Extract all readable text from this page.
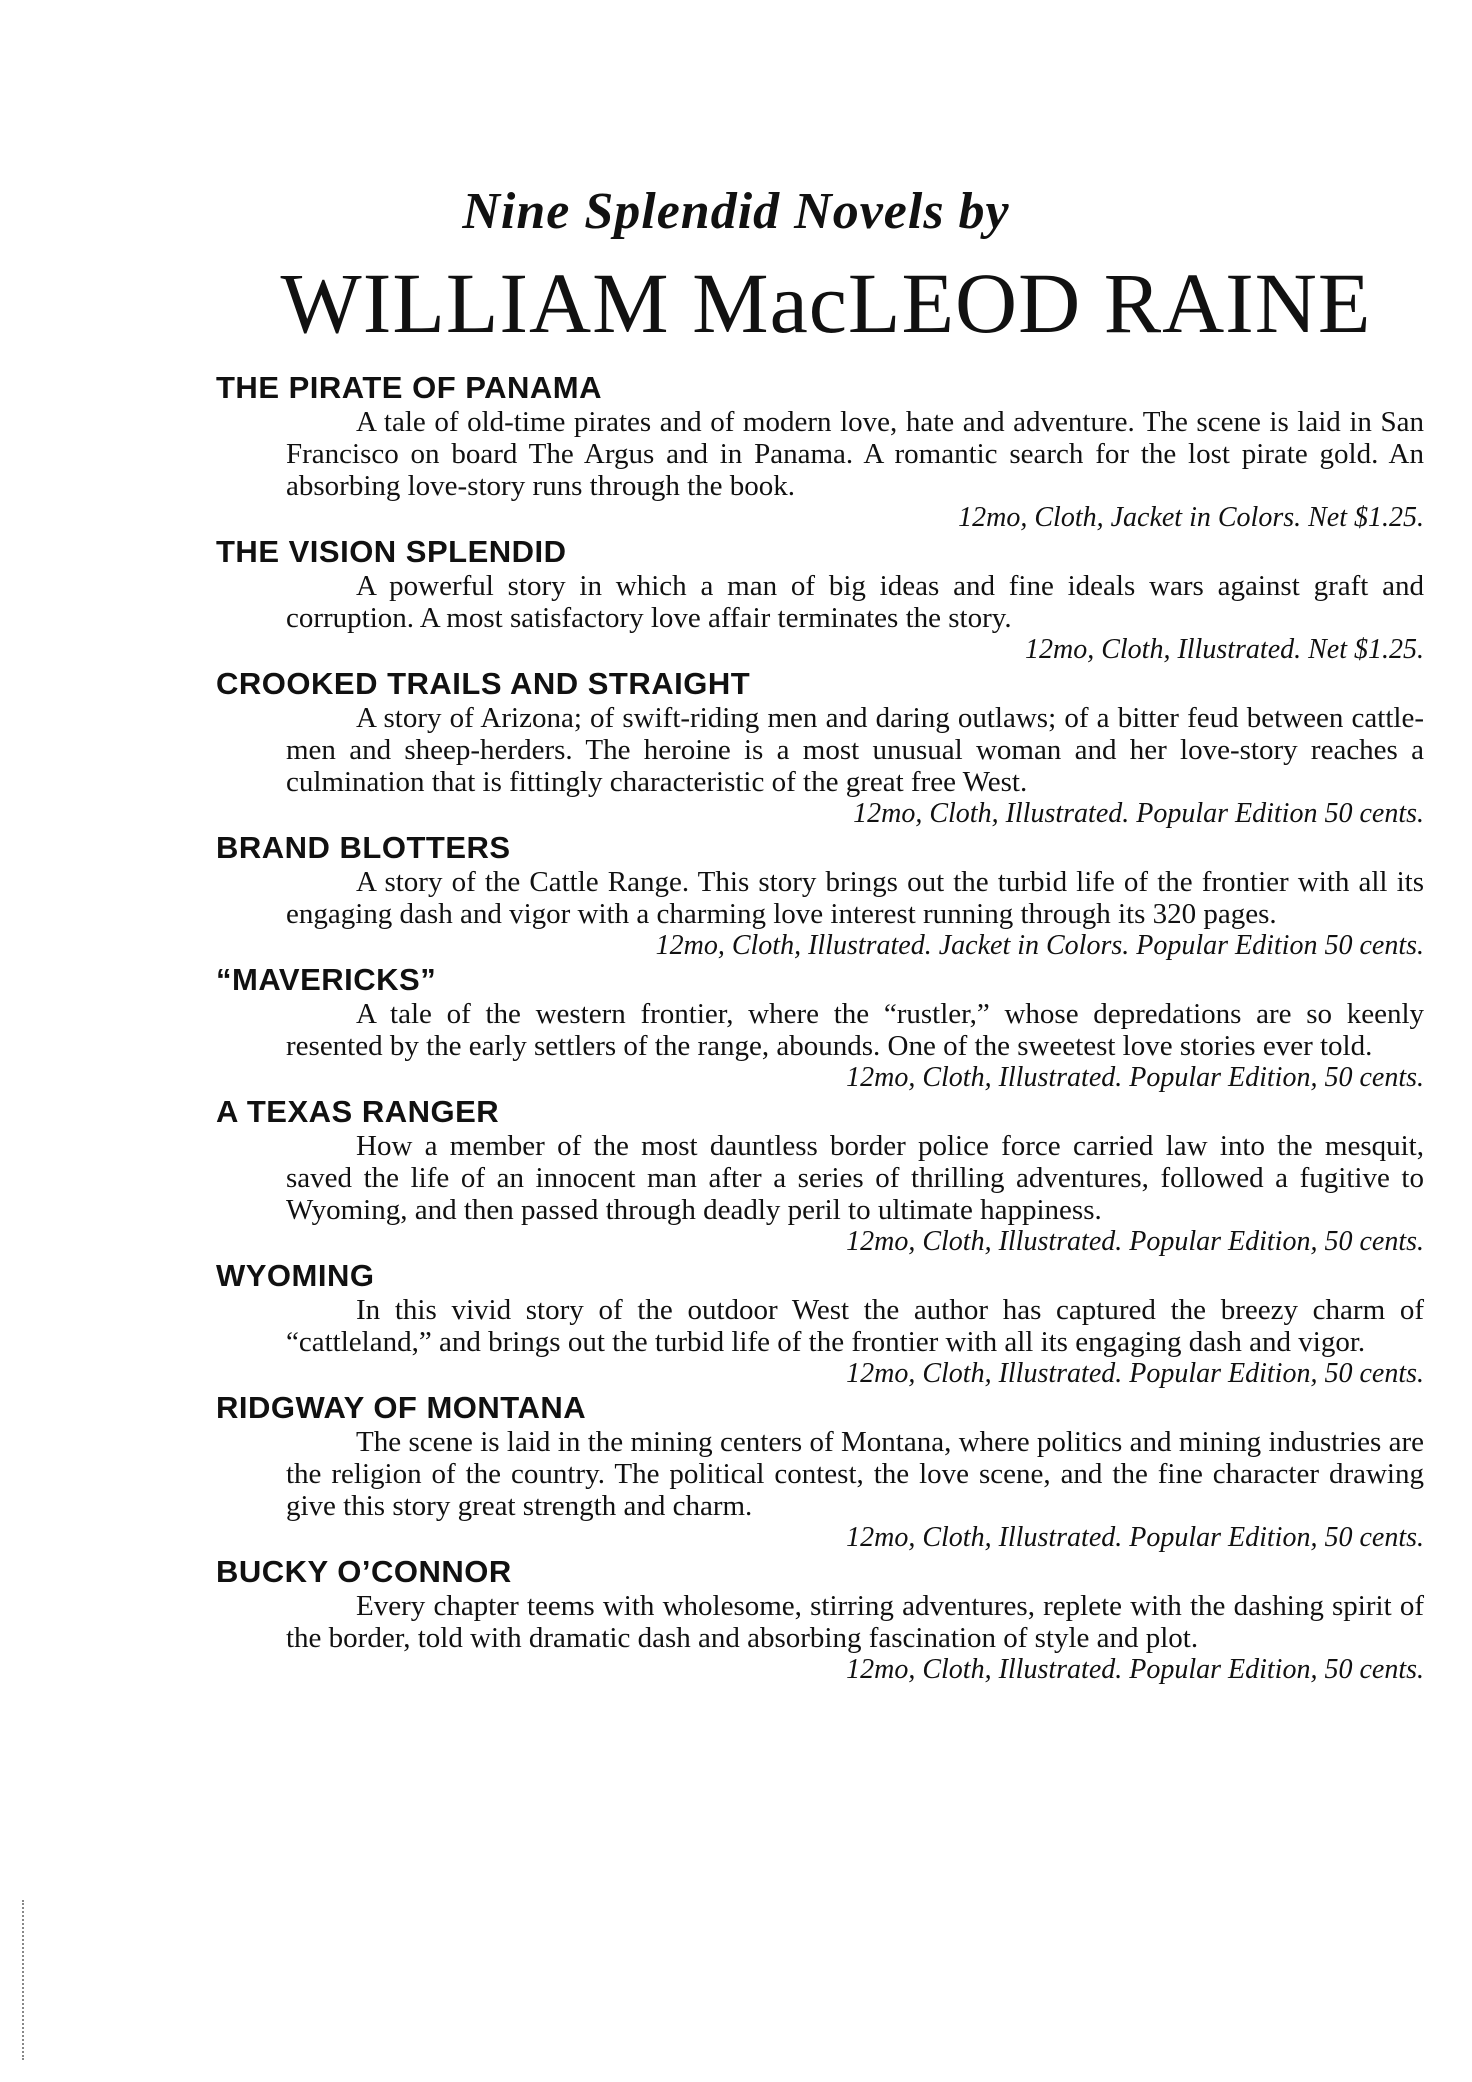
Nine Splendid Novels by
WILLIAM MacLEOD RAINE
THE PIRATE OF PANAMA
A tale of old-time pirates and of modern love, hate and adventure. The scene is laid in San Francisco on board The Argus and in Panama. A romantic search for the lost pirate gold. An absorbing love-story runs through the book.
12mo, Cloth, Jacket in Colors. Net $1.25.
THE VISION SPLENDID
A powerful story in which a man of big ideas and fine ideals wars against graft and corruption. A most satisfactory love affair terminates the story.
12mo, Cloth, Illustrated. Net $1.25.
CROOKED TRAILS AND STRAIGHT
A story of Arizona; of swift-riding men and daring outlaws; of a bitter feud between cattle-men and sheep-herders. The heroine is a most unusual woman and her love-story reaches a culmination that is fittingly characteristic of the great free West.
12mo, Cloth, Illustrated. Popular Edition 50 cents.
BRAND BLOTTERS
A story of the Cattle Range. This story brings out the turbid life of the frontier with all its engaging dash and vigor with a charming love interest running through its 320 pages.
12mo, Cloth, Illustrated. Jacket in Colors. Popular Edition 50 cents.
“MAVERICKS”
A tale of the western frontier, where the “rustler,” whose depredations are so keenly resented by the early settlers of the range, abounds. One of the sweetest love stories ever told.
12mo, Cloth, Illustrated. Popular Edition, 50 cents.
A TEXAS RANGER
How a member of the most dauntless border police force carried law into the mesquit, saved the life of an innocent man after a series of thrilling adventures, followed a fugitive to Wyoming, and then passed through deadly peril to ultimate happiness.
12mo, Cloth, Illustrated. Popular Edition, 50 cents.
WYOMING
In this vivid story of the outdoor West the author has captured the breezy charm of “cattleland,” and brings out the turbid life of the frontier with all its engaging dash and vigor.
12mo, Cloth, Illustrated. Popular Edition, 50 cents.
RIDGWAY OF MONTANA
The scene is laid in the mining centers of Montana, where politics and mining industries are the religion of the country. The political contest, the love scene, and the fine character drawing give this story great strength and charm.
12mo, Cloth, Illustrated. Popular Edition, 50 cents.
BUCKY O’CONNOR
Every chapter teems with wholesome, stirring adventures, replete with the dashing spirit of the border, told with dramatic dash and absorbing fascination of style and plot.
12mo, Cloth, Illustrated. Popular Edition, 50 cents.
